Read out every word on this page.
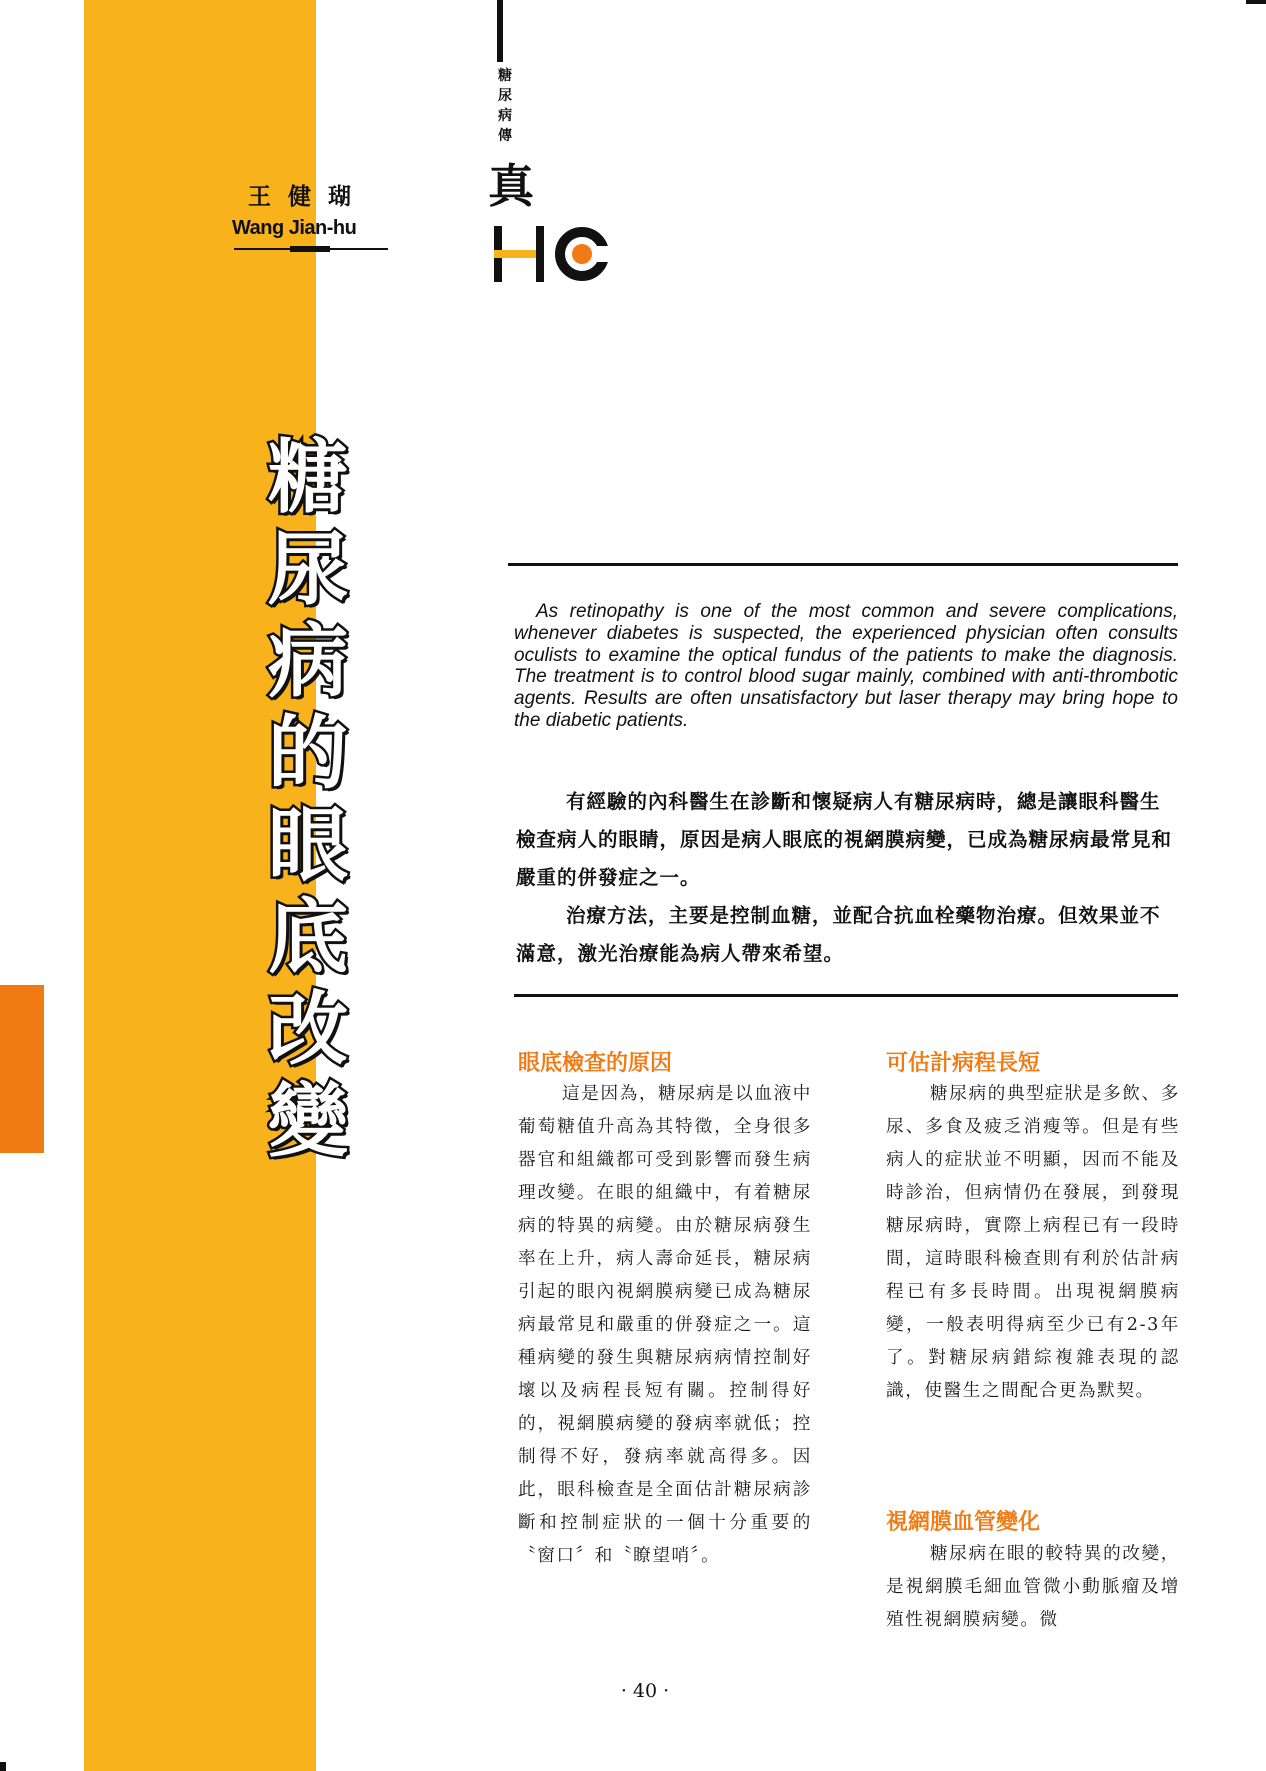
王健瑚
Wang Jian-hu
糖尿病傳
真
糖
尿
病
的
眼
底
改
變
As retinopathy is one of the most common and severe complications, whenever diabetes is suspected, the experienced physician often consults oculists to examine the optical fundus of the patients to make the diagnosis. The treatment is to control blood sugar mainly, combined with anti-thrombotic agents. Results are often unsatisfactory but laser therapy may bring hope to the diabetic patients.

有經驗的內科醫生在診斷和懷疑病人有糖尿病時，總是讓眼科醫生檢查病人的眼睛，原因是病人眼底的視網膜病變，已成為糖尿病最常見和嚴重的併發症之一。

治療方法，主要是控制血糖，並配合抗血栓藥物治療。但效果並不滿意，激光治療能為病人帶來希望。

眼底檢查的原因
這是因為，糖尿病是以血液中葡萄糖值升高為其特徵，全身很多器官和組織都可受到影響而發生病理改變。在眼的組織中，有着糖尿病的特異的病變。由於糖尿病發生率在上升，病人壽命延長，糖尿病引起的眼內視網膜病變已成為糖尿病最常見和嚴重的併發症之一。這種病變的發生與糖尿病病情控制好壞以及病程長短有關。控制得好的，視網膜病變的發病率就低；控制得不好，發病率就高得多。因此，眼科檢查是全面估計糖尿病診斷和控制症狀的一個十分重要的〝窗口〞和〝瞭望哨〞。
可估計病程長短
糖尿病的典型症狀是多飲、多尿、多食及疲乏消瘦等。但是有些病人的症狀並不明顯，因而不能及時診治，但病情仍在發展，到發現糖尿病時，實際上病程已有一段時間，這時眼科檢查則有利於估計病程已有多長時間。出現視網膜病變，一般表明得病至少已有2-3年了。對糖尿病錯綜複雜表現的認識，使醫生之間配合更為默契。
視網膜血管變化
糖尿病在眼的較特異的改變，是視網膜毛細血管微小動脈瘤及增殖性視網膜病變。微
· 40 ·
